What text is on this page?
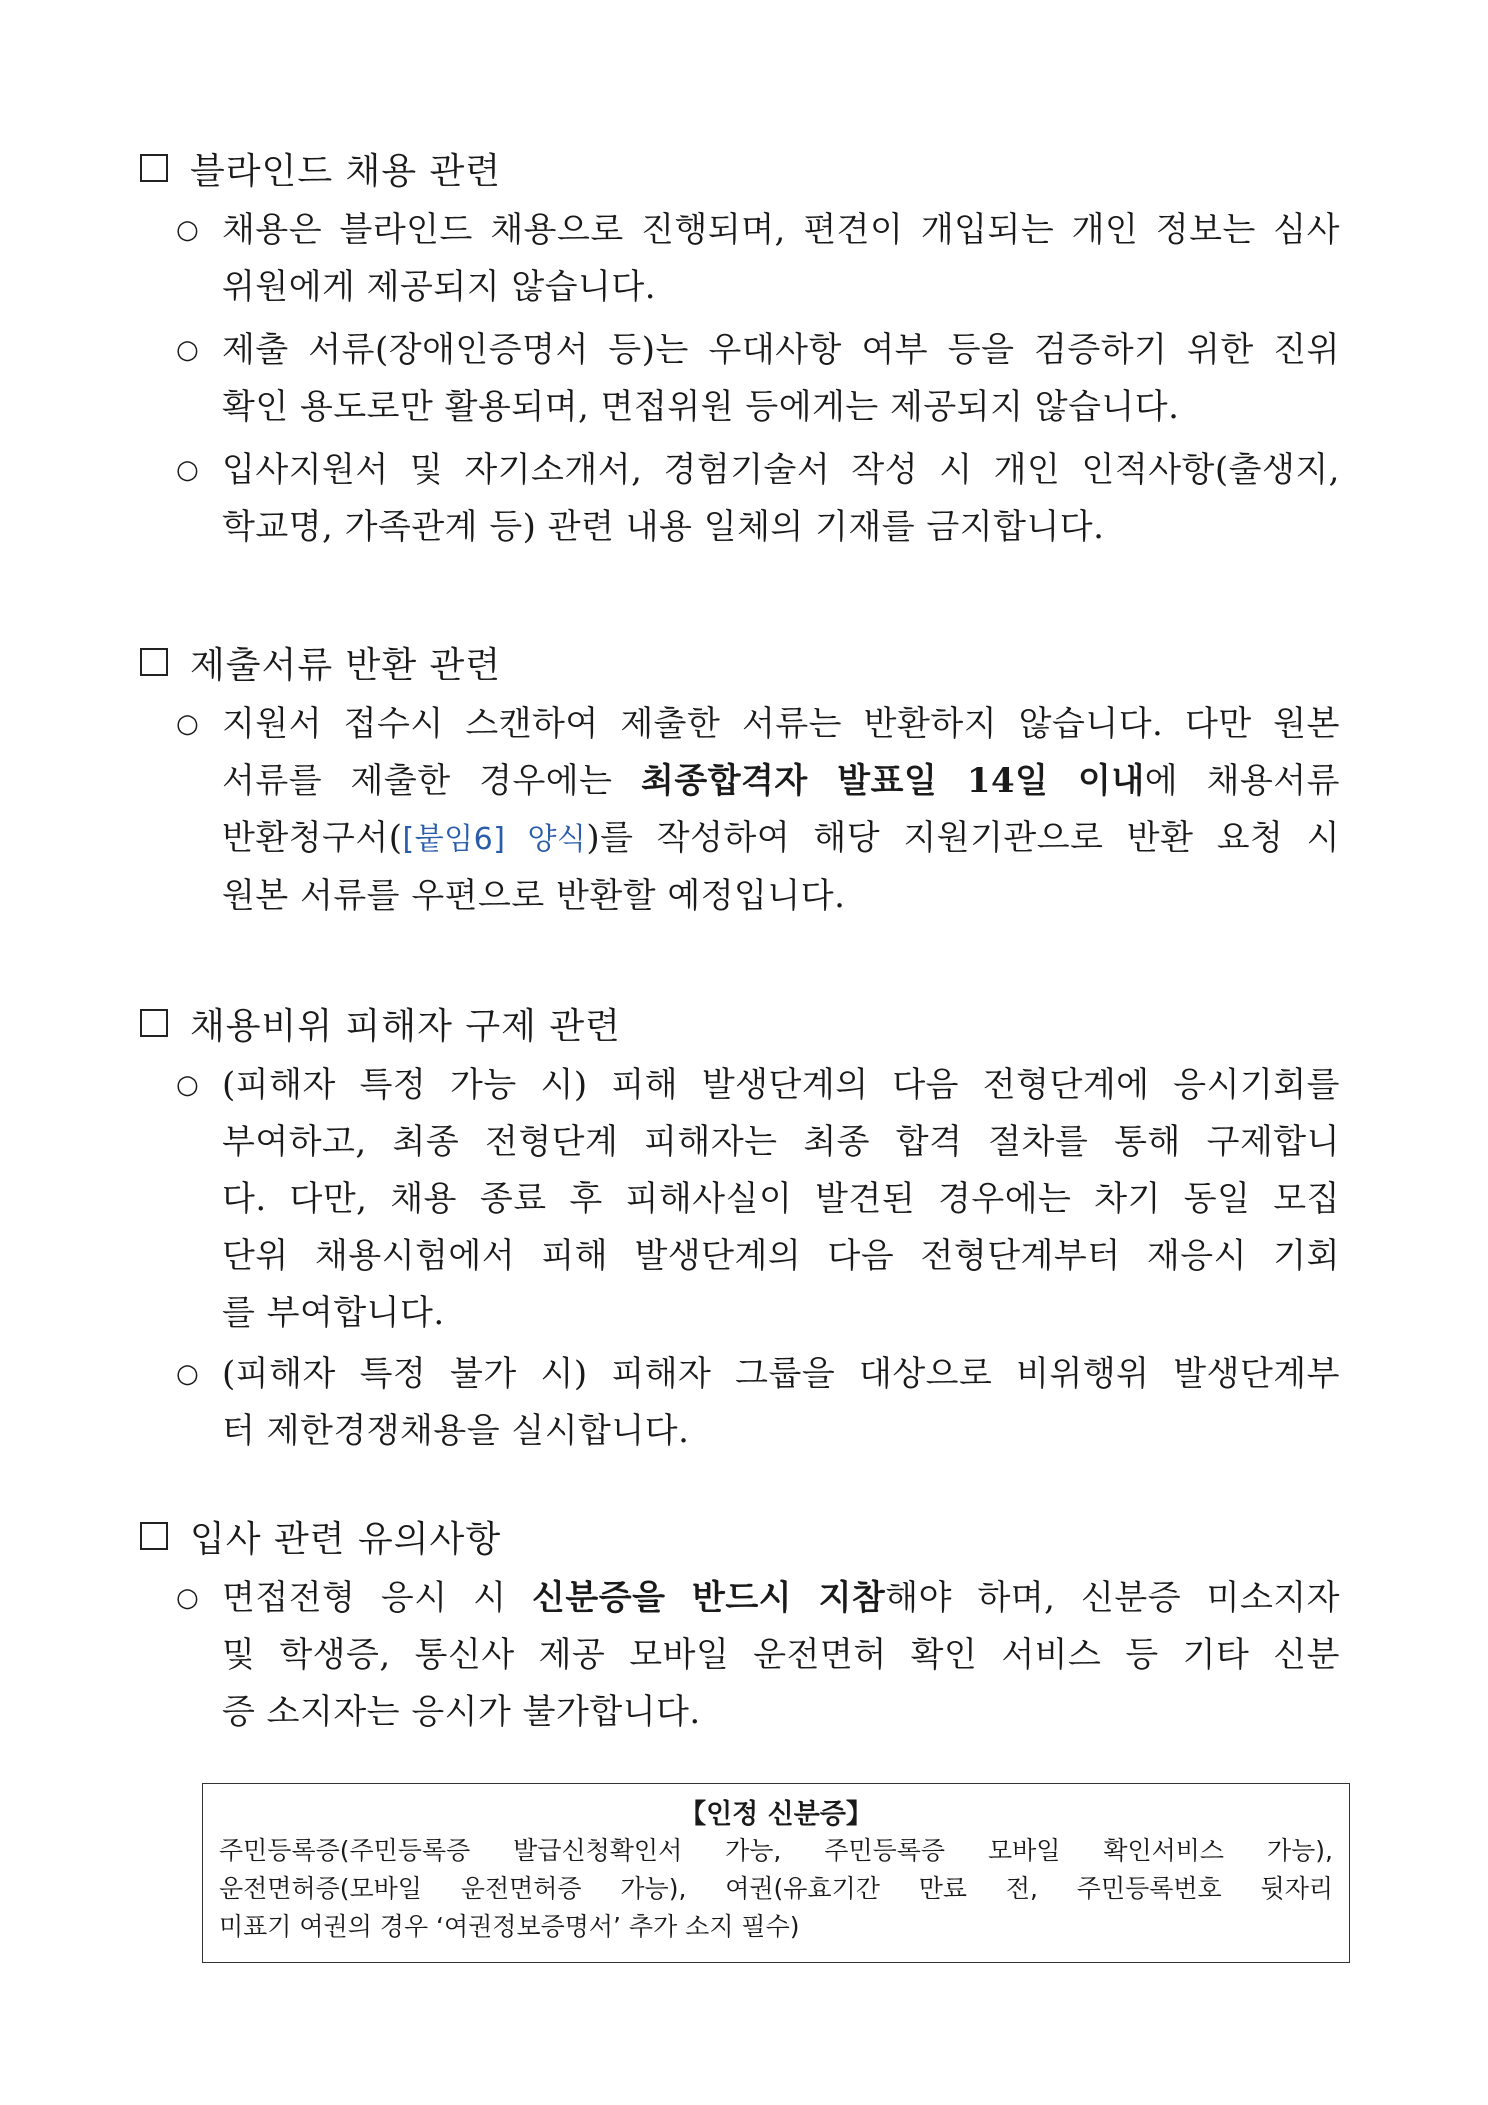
블라인드 채용 관련
○ 채용은 블라인드 채용으로 진행되며, 편견이 개입되는 개인 정보는 심사
위원에게 제공되지 않습니다.
○ 제출 서류(장애인증명서 등)는 우대사항 여부 등을 검증하기 위한 진위
확인 용도로만 활용되며, 면접위원 등에게는 제공되지 않습니다.
○ 입사지원서 및 자기소개서, 경험기술서 작성 시 개인 인적사항(출생지,
학교명, 가족관계 등) 관련 내용 일체의 기재를 금지합니다.
제출서류 반환 관련
○ 지원서 접수시 스캔하여 제출한 서류는 반환하지 않습니다. 다만 원본
서류를 제출한 경우에는 최종합격자 발표일 14일 이내에 채용서류
반환청구서([붙임6] 양식)를 작성하여 해당 지원기관으로 반환 요청 시
원본 서류를 우편으로 반환할 예정입니다.
채용비위 피해자 구제 관련
○ (피해자 특정 가능 시) 피해 발생단계의 다음 전형단계에 응시기회를
부여하고, 최종 전형단계 피해자는 최종 합격 절차를 통해 구제합니
다. 다만, 채용 종료 후 피해사실이 발견된 경우에는 차기 동일 모집
단위 채용시험에서 피해 발생단계의 다음 전형단계부터 재응시 기회
를 부여합니다.
○ (피해자 특정 불가 시) 피해자 그룹을 대상으로 비위행위 발생단계부
터 제한경쟁채용을 실시합니다.
입사 관련 유의사항
○ 면접전형 응시 시 신분증을 반드시 지참해야 하며, 신분증 미소지자
및 학생증, 통신사 제공 모바일 운전면허 확인 서비스 등 기타 신분
증 소지자는 응시가 불가합니다.
【인정 신분증】
주민등록증(주민등록증 발급신청확인서 가능, 주민등록증 모바일 확인서비스 가능),
운전면허증(모바일 운전면허증 가능), 여권(유효기간 만료 전, 주민등록번호 뒷자리
미표기 여권의 경우 ‘여권정보증명서’ 추가 소지 필수)
